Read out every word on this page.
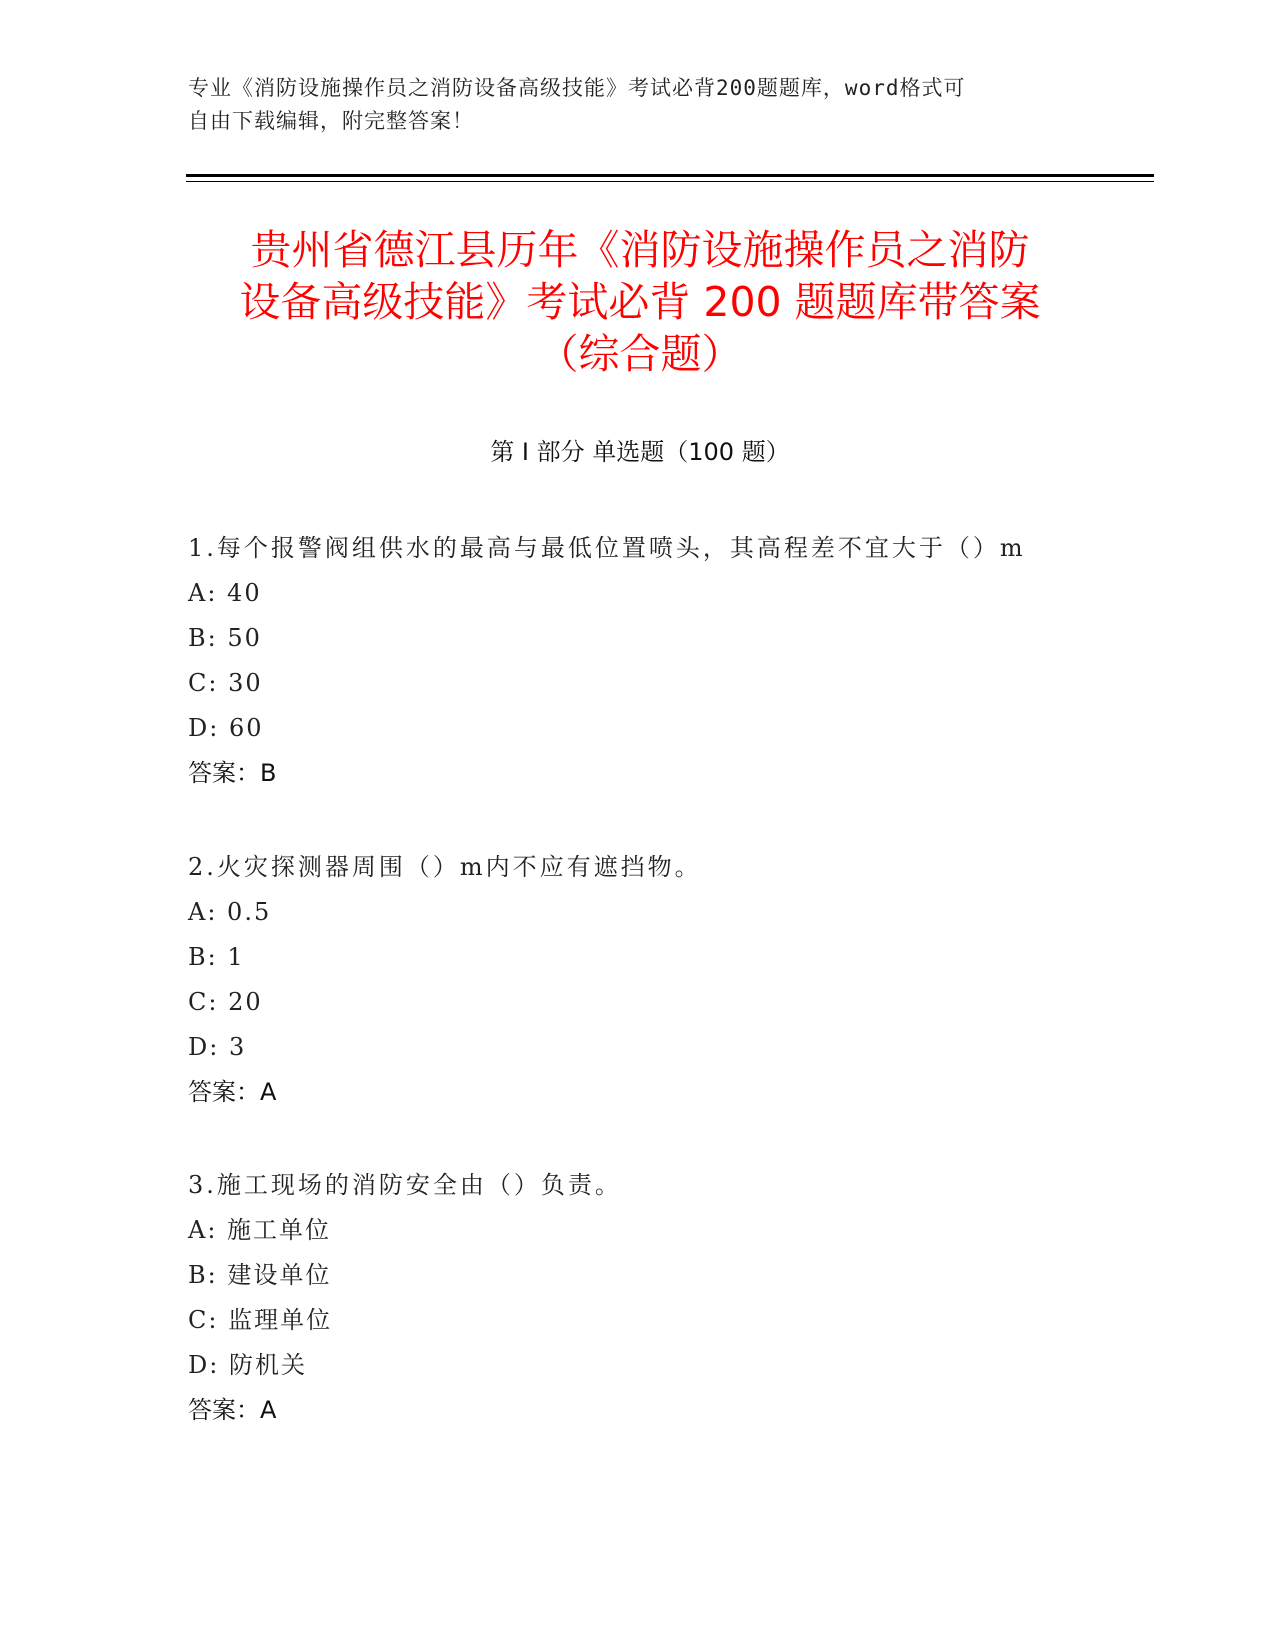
专业《消防设施操作员之消防设备高级技能》考试必背200题题库，word格式可
自由下载编辑，附完整答案！
贵州省德江县历年《消防设施操作员之消防
设备高级技能》考试必背 200 题题库带答案
（综合题）
第 I 部分 单选题（100 题）
1.每个报警阀组供水的最高与最低位置喷头，其高程差不宜大于（）m
A: 40
B: 50
C: 30
D: 60
答案：B
2.火灾探测器周围（）m内不应有遮挡物。
A: 0.5
B: 1
C: 20
D: 3
答案：A
3.施工现场的消防安全由（）负责。
A: 施工单位
B: 建设单位
C: 监理单位
D: 防机关
答案：A
